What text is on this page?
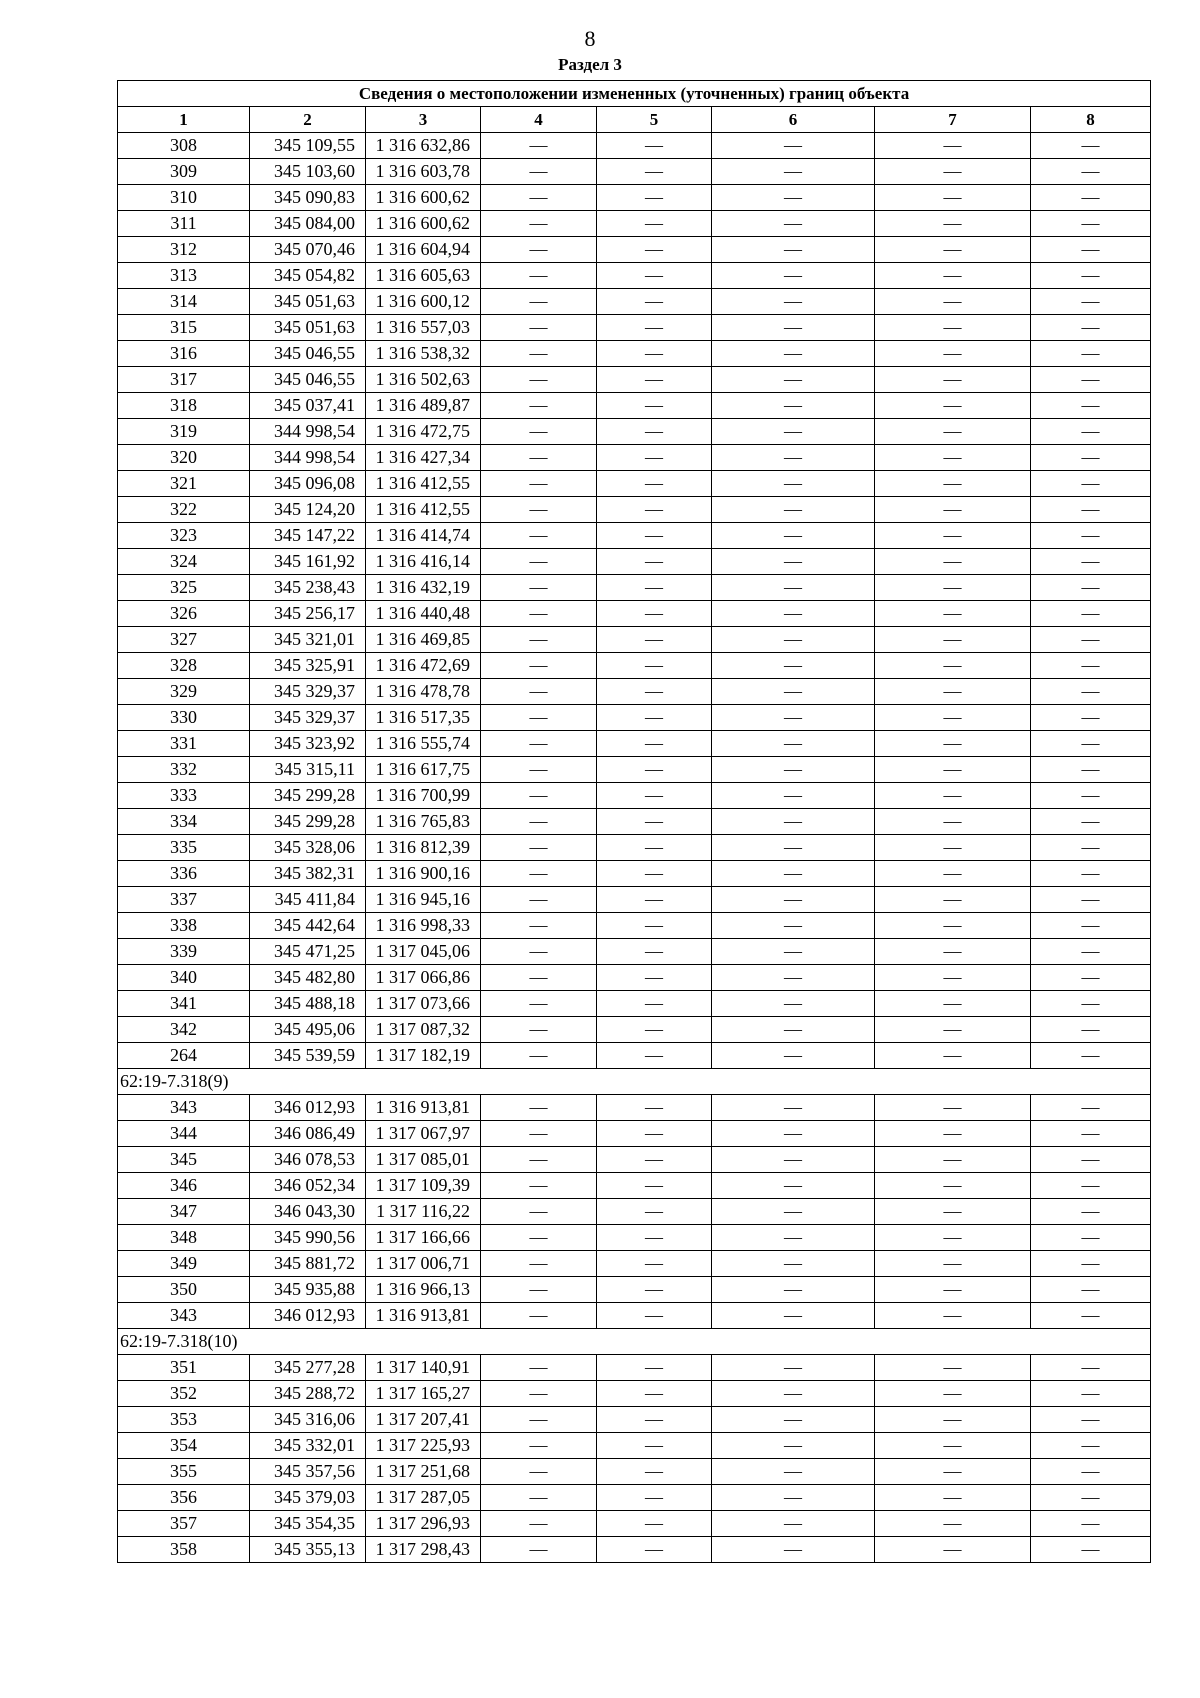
8
Раздел 3
Сведения о местоположении измененных (уточненных) границ объекта							
1	2	3	4	5	6	7	8
308	345 109,55	1 316 632,86	—	—	—	—	—
309	345 103,60	1 316 603,78	—	—	—	—	—
310	345 090,83	1 316 600,62	—	—	—	—	—
311	345 084,00	1 316 600,62	—	—	—	—	—
312	345 070,46	1 316 604,94	—	—	—	—	—
313	345 054,82	1 316 605,63	—	—	—	—	—
314	345 051,63	1 316 600,12	—	—	—	—	—
315	345 051,63	1 316 557,03	—	—	—	—	—
316	345 046,55	1 316 538,32	—	—	—	—	—
317	345 046,55	1 316 502,63	—	—	—	—	—
318	345 037,41	1 316 489,87	—	—	—	—	—
319	344 998,54	1 316 472,75	—	—	—	—	—
320	344 998,54	1 316 427,34	—	—	—	—	—
321	345 096,08	1 316 412,55	—	—	—	—	—
322	345 124,20	1 316 412,55	—	—	—	—	—
323	345 147,22	1 316 414,74	—	—	—	—	—
324	345 161,92	1 316 416,14	—	—	—	—	—
325	345 238,43	1 316 432,19	—	—	—	—	—
326	345 256,17	1 316 440,48	—	—	—	—	—
327	345 321,01	1 316 469,85	—	—	—	—	—
328	345 325,91	1 316 472,69	—	—	—	—	—
329	345 329,37	1 316 478,78	—	—	—	—	—
330	345 329,37	1 316 517,35	—	—	—	—	—
331	345 323,92	1 316 555,74	—	—	—	—	—
332	345 315,11	1 316 617,75	—	—	—	—	—
333	345 299,28	1 316 700,99	—	—	—	—	—
334	345 299,28	1 316 765,83	—	—	—	—	—
335	345 328,06	1 316 812,39	—	—	—	—	—
336	345 382,31	1 316 900,16	—	—	—	—	—
337	345 411,84	1 316 945,16	—	—	—	—	—
338	345 442,64	1 316 998,33	—	—	—	—	—
339	345 471,25	1 317 045,06	—	—	—	—	—
340	345 482,80	1 317 066,86	—	—	—	—	—
341	345 488,18	1 317 073,66	—	—	—	—	—
342	345 495,06	1 317 087,32	—	—	—	—	—
264	345 539,59	1 317 182,19	—	—	—	—	—
62:19-7.318(9)							
343	346 012,93	1 316 913,81	—	—	—	—	—
344	346 086,49	1 317 067,97	—	—	—	—	—
345	346 078,53	1 317 085,01	—	—	—	—	—
346	346 052,34	1 317 109,39	—	—	—	—	—
347	346 043,30	1 317 116,22	—	—	—	—	—
348	345 990,56	1 317 166,66	—	—	—	—	—
349	345 881,72	1 317 006,71	—	—	—	—	—
350	345 935,88	1 316 966,13	—	—	—	—	—
343	346 012,93	1 316 913,81	—	—	—	—	—
62:19-7.318(10)							
351	345 277,28	1 317 140,91	—	—	—	—	—
352	345 288,72	1 317 165,27	—	—	—	—	—
353	345 316,06	1 317 207,41	—	—	—	—	—
354	345 332,01	1 317 225,93	—	—	—	—	—
355	345 357,56	1 317 251,68	—	—	—	—	—
356	345 379,03	1 317 287,05	—	—	—	—	—
357	345 354,35	1 317 296,93	—	—	—	—	—
358	345 355,13	1 317 298,43	—	—	—	—	—
